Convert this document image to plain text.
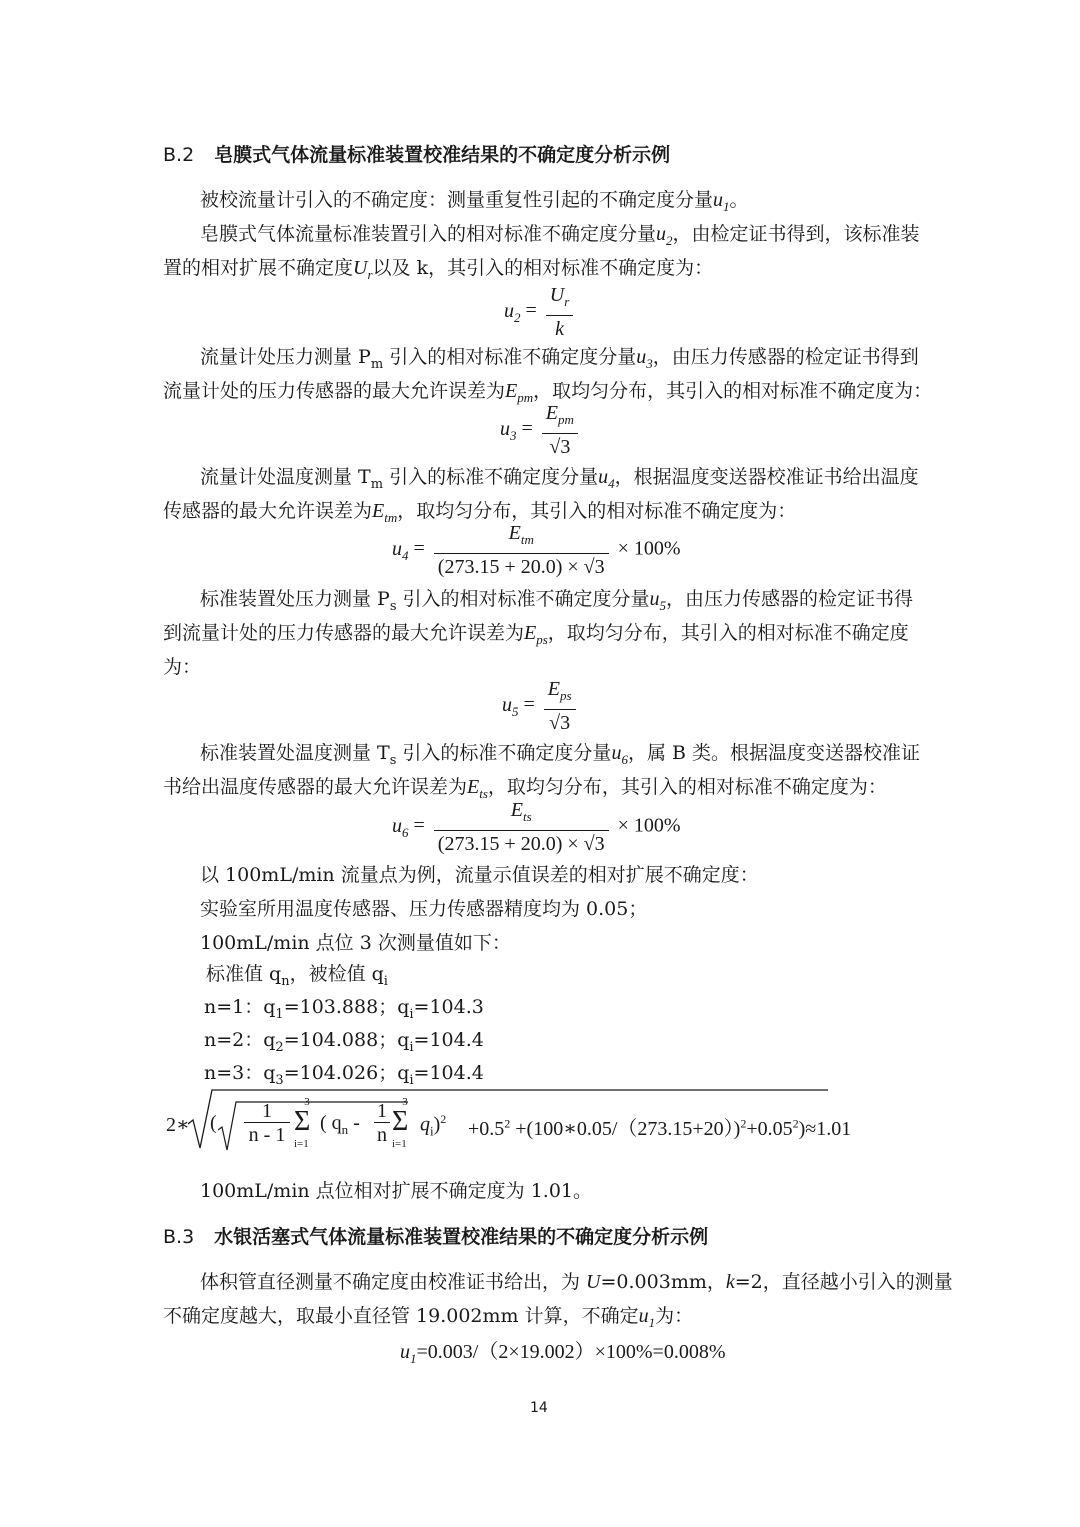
B.2 皂膜式气体流量标准装置校准结果的不确定度分析示例
被校流量计引入的不确定度：测量重复性引起的不确定度分量$u_1$。
皂膜式气体流量标准装置引入的相对标准不确定度分量$u_2$，由检定证书得到，该标准装
置的相对扩展不确定度$U_r$以及 k，其引入的相对标准不确定度为：
$u_2 = \frac{U_r}{k}$
流量计处压力测量 $P_m$ 引入的相对标准不确定度分量$u_3$，由压力传感器的检定证书得到
流量计处的压力传感器的最大允许误差为$E_{pm}$，取均匀分布，其引入的相对标准不确定度为：
$u_3 = \frac{E_{pm}}{√3}$
流量计处温度测量 $T_m$ 引入的标准不确定度分量$u_4$，根据温度变送器校准证书给出温度
传感器的最大允许误差为$E_{tm}$，取均匀分布，其引入的相对标准不确定度为：
$u_4 = \frac{E_{tm}}{(273.15 + 20.0) \times √3} \times 100\%$
标准装置处压力测量 $P_s$ 引入的相对标准不确定度分量$u_5$，由压力传感器的检定证书得
到流量计处的压力传感器的最大允许误差为$E_{ps}$，取均匀分布，其引入的相对标准不确定度
为：
$u_5 = \frac{E_{ps}}{√3}$
标准装置处温度测量 $T_s$ 引入的标准不确定度分量$u_6$，属 B 类。根据温度变送器校准证
书给出温度传感器的最大允许误差为$E_{ts}$，取均匀分布，其引入的相对标准不确定度为：
$u_6 = \frac{E_{ts}}{(273.15 + 20.0) \times √3} \times 100\%$
以 100mL/min 流量点为例，流量示值误差的相对扩展不确定度：
实验室所用温度传感器、压力传感器精度均为 0.05；
100mL/min 点位 3 次测量值如下：
标准值 $q_n$，被检值 $q_i$
n=1：$q_1=103.888$；$q_i=104.3$
n=2：$q_2=104.088$；$q_i=104.4$
n=3：$q_3=104.026$；$q_i=104.4$
2∗ ( $\frac{1}{n - 1}$	3
Σ
i=1
( $q_n - \frac{1}{n}$	3
Σ
i=1
$q_i)^2 +0.5^2$ $+(100∗0.05/(273.15+20))^2+0.05^2)\approx 1.01$
100mL/min 点位相对扩展不确定度为 1.01。
B.3 水银活塞式气体流量标准装置校准结果的不确定度分析示例
体积管直径测量不确定度由校准证书给出，为 U=0.003mm，k=2，直径越小引入的测量
不确定度越大，取最小直径管 19.002mm 计算，不确定$u_1$为：
$u_1=0.003/(2\times 19.002)\times 100\%=0.008\%$
14
